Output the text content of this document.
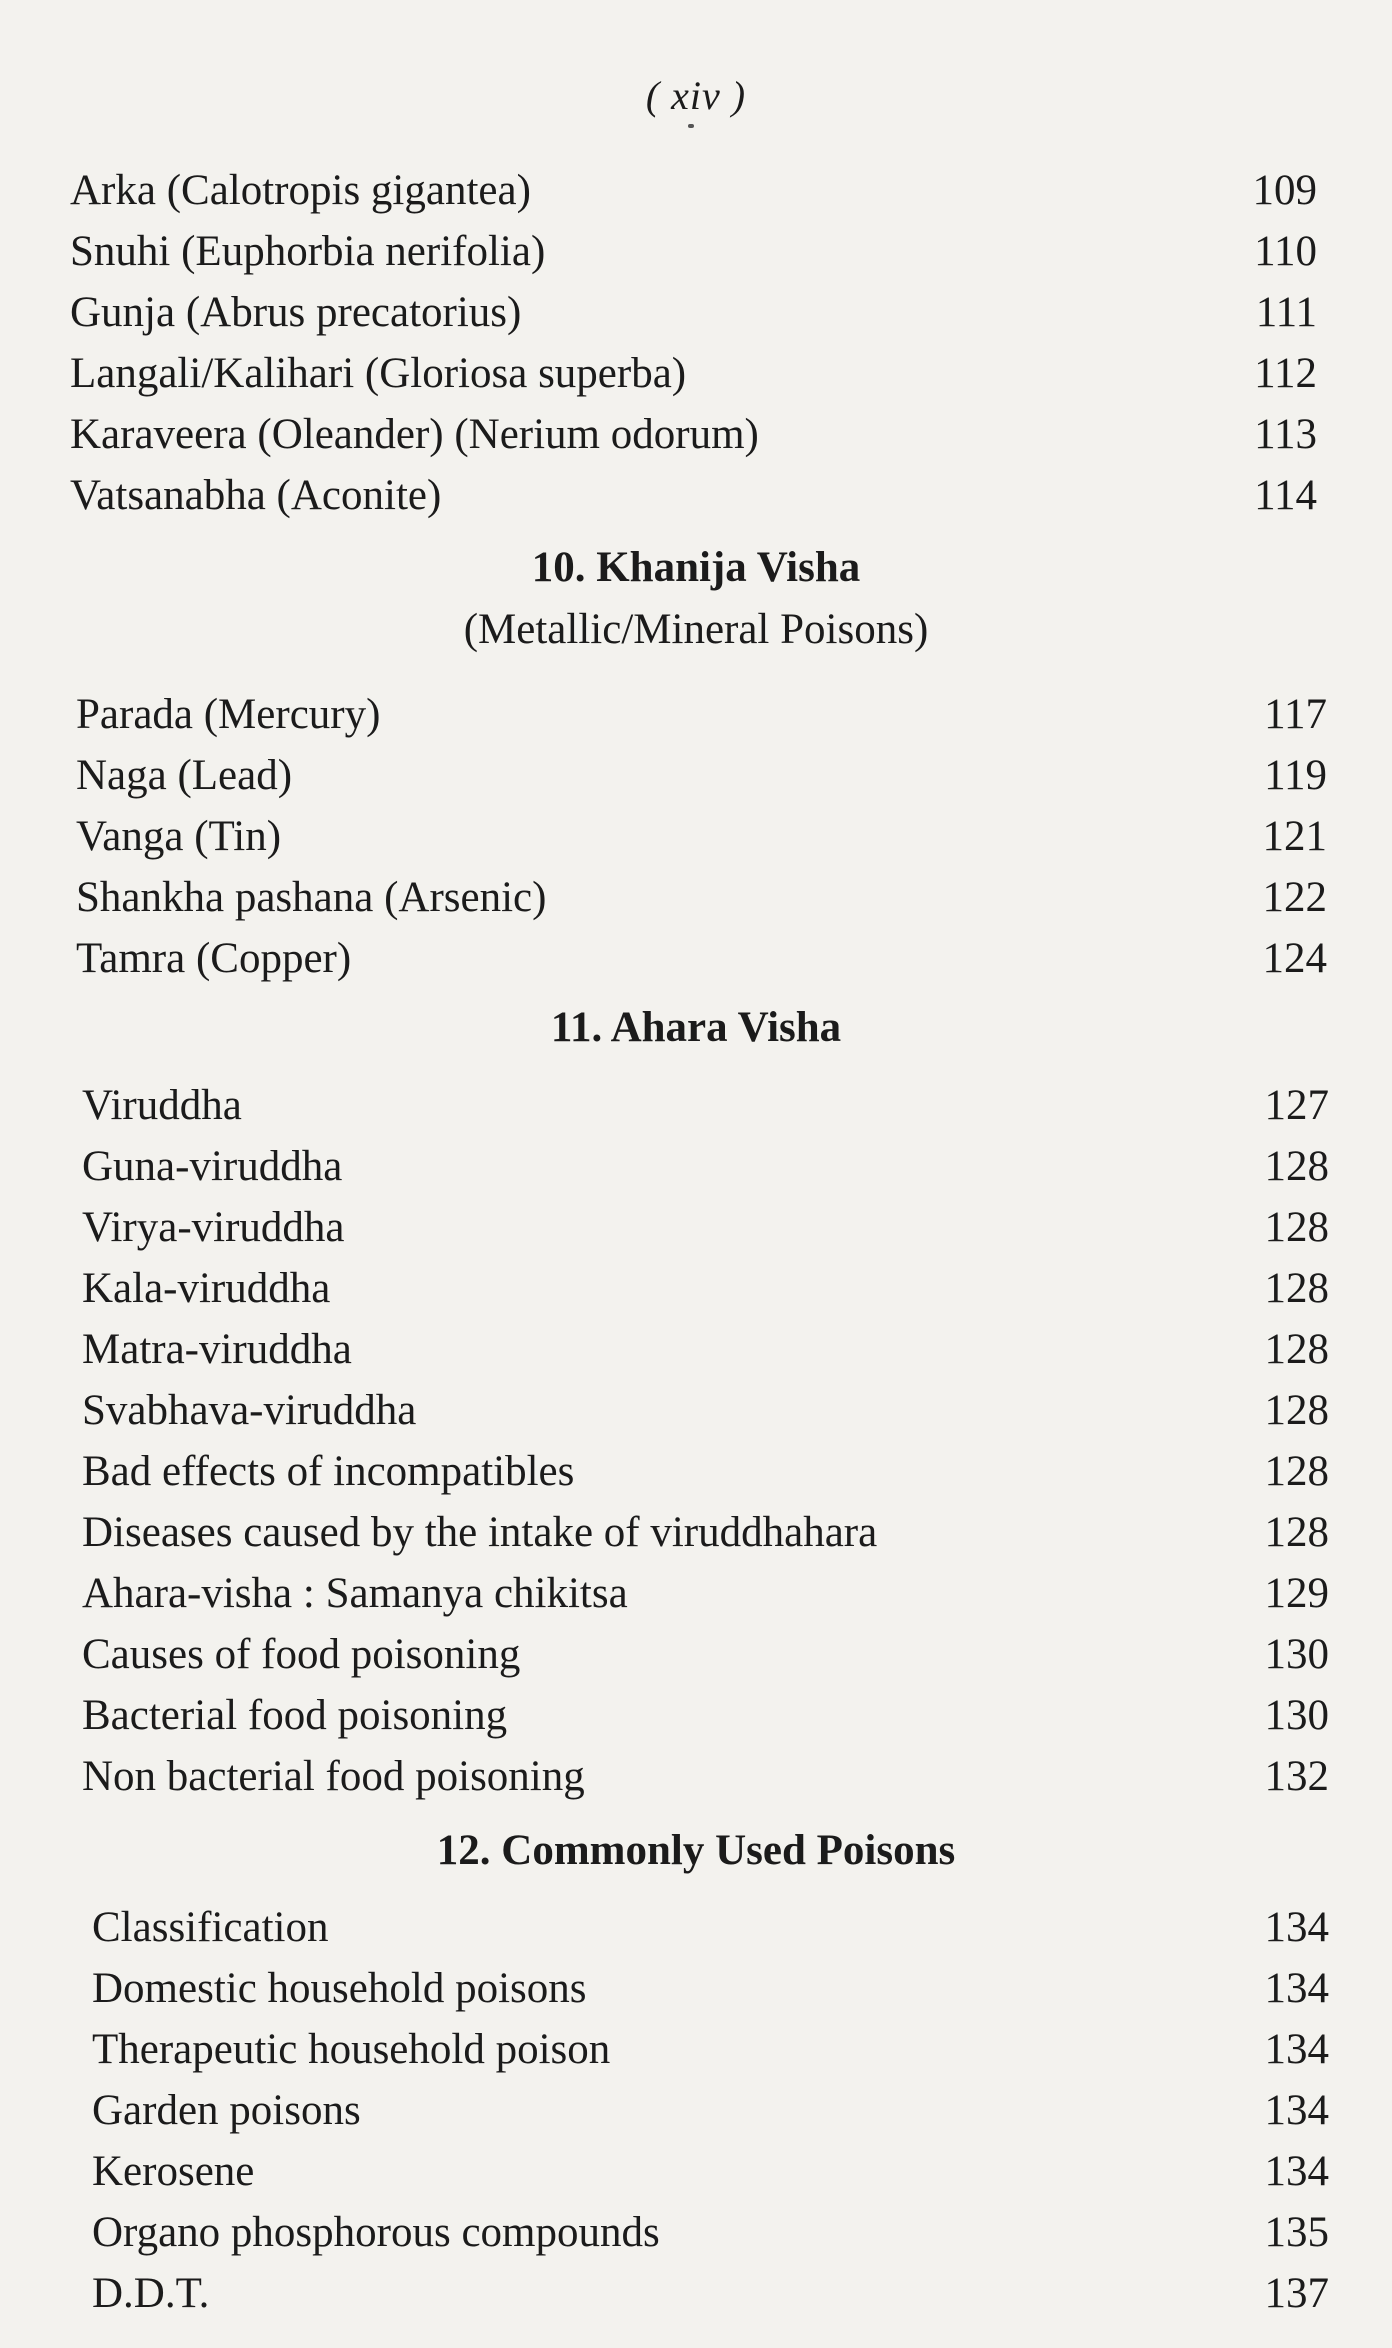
( xiv )
Arka (Calotropis gigantea)	109
Snuhi (Euphorbia nerifolia)	110
Gunja (Abrus precatorius)	111
Langali/Kalihari (Gloriosa superba)	112
Karaveera (Oleander) (Nerium odorum)	113
Vatsanabha (Aconite)	114
10. Khanija Visha
(Metallic/Mineral Poisons)
Parada (Mercury)	117
Naga (Lead)	119
Vanga (Tin)	121
Shankha pashana (Arsenic)	122
Tamra (Copper)	124
11. Ahara Visha
Viruddha	127
Guna-viruddha	128
Virya-viruddha	128
Kala-viruddha	128
Matra-viruddha	128
Svabhava-viruddha	128
Bad effects of incompatibles	128
Diseases caused by the intake of viruddhahara	128
Ahara-visha : Samanya chikitsa	129
Causes of food poisoning	130
Bacterial food poisoning	130
Non bacterial food poisoning	132
12. Commonly Used Poisons
Classification	134
Domestic household poisons	134
Therapeutic household poison	134
Garden poisons	134
Kerosene	134
Organo phosphorous compounds	135
D.D.T.	137
